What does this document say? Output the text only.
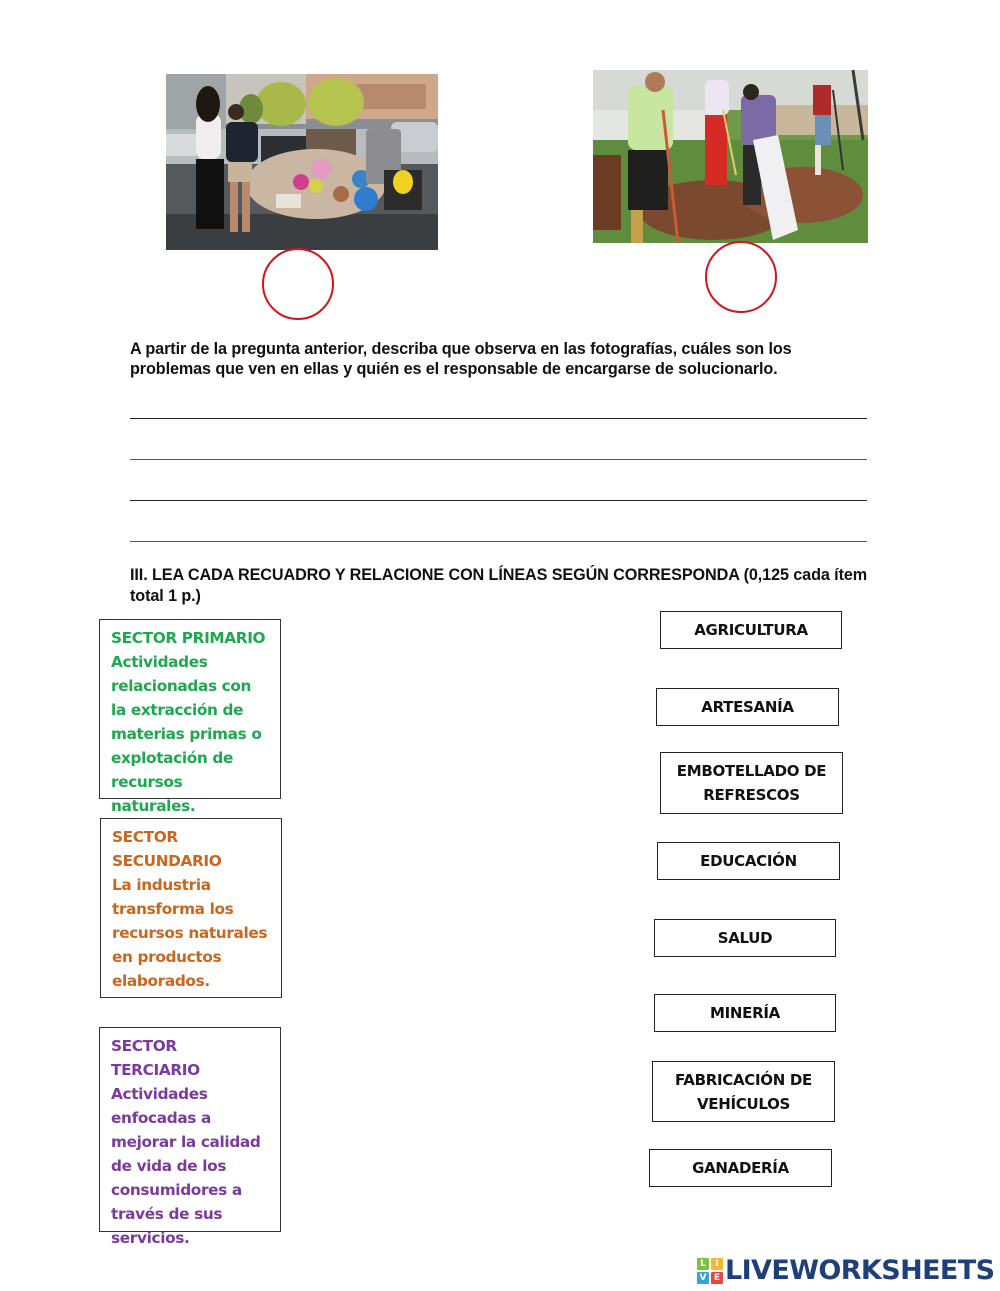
A partir de la pregunta anterior, describa que observa en las fotografías, cuáles son los problemas que ven en ellas y quién es el responsable de encargarse de solucionarlo.
III. LEA CADA RECUADRO Y RELACIONE CON LÍNEAS SEGÚN CORRESPONDA (0,125 cada ítem total 1 p.)
SECTOR PRIMARIO
Actividades relacionadas con la extracción de materias primas o explotación de recursos naturales.
SECTOR SECUNDARIO
La industria transforma los recursos naturales en productos elaborados.
SECTOR TERCIARIO
Actividades enfocadas a mejorar la calidad de vida de los consumidores a través de sus servicios.
AGRICULTURA
ARTESANÍA
EMBOTELLADO DE REFRESCOS
EDUCACIÓN
SALUD
MINERÍA
FABRICACIÓN DE VEHÍCULOS
GANADERÍA
L	I
V E LIVEWORKSHEETS
